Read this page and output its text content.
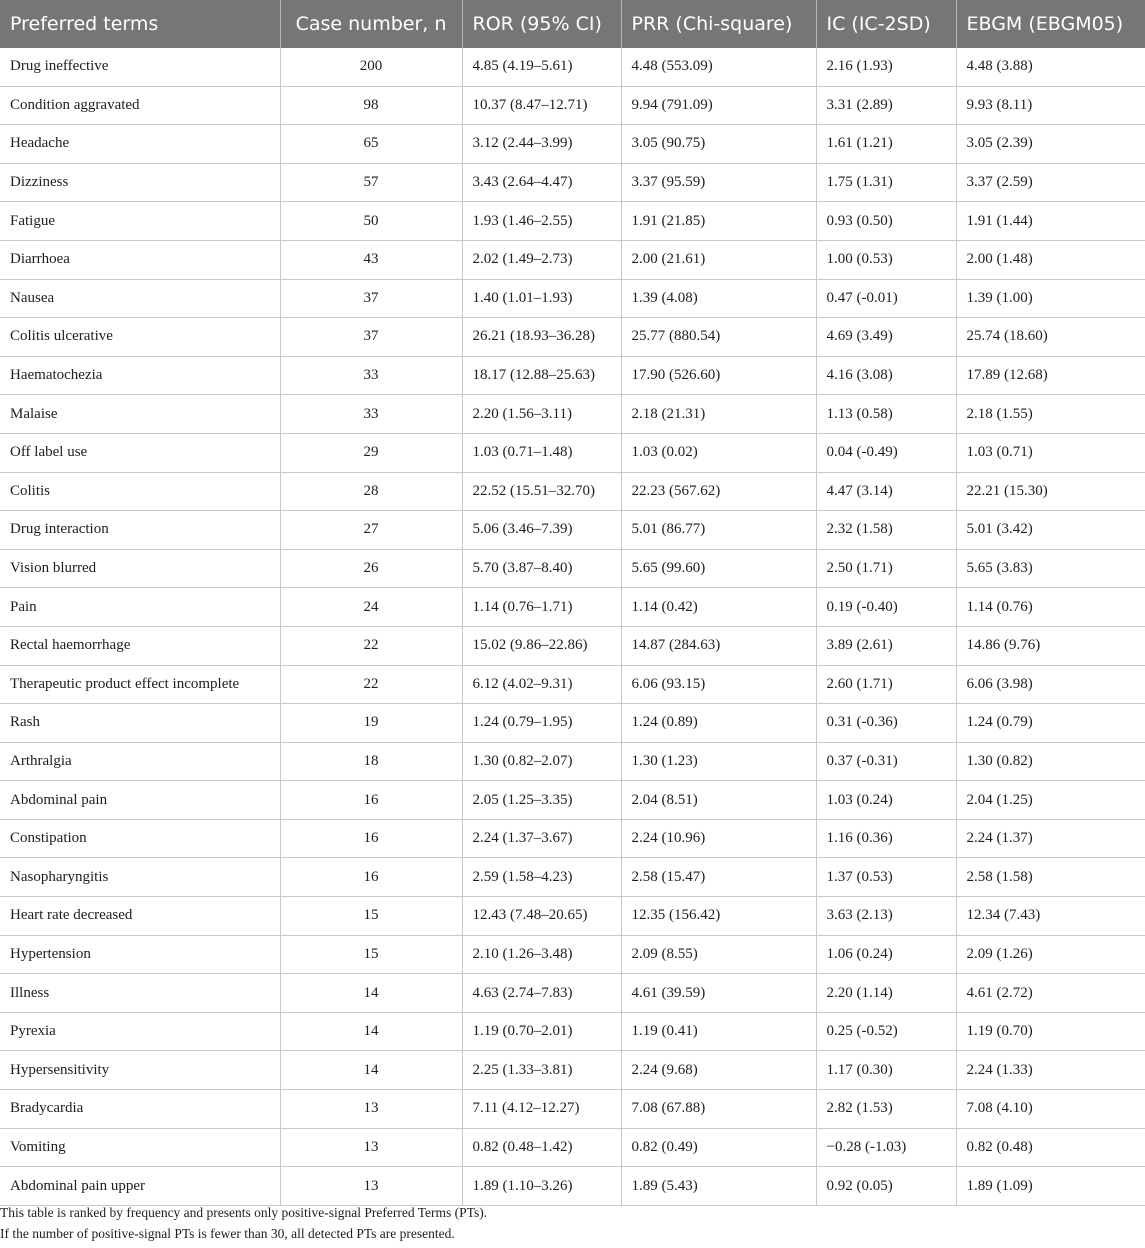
Preferred terms	Case number, n	ROR (95% CI)	PRR (Chi-square)	IC (IC-2SD)	EBGM (EBGM05)
Drug ineffective	200	4.85 (4.19–5.61)	4.48 (553.09)	2.16 (1.93)	4.48 (3.88)
Condition aggravated	98	10.37 (8.47–12.71)	9.94 (791.09)	3.31 (2.89)	9.93 (8.11)
Headache	65	3.12 (2.44–3.99)	3.05 (90.75)	1.61 (1.21)	3.05 (2.39)
Dizziness	57	3.43 (2.64–4.47)	3.37 (95.59)	1.75 (1.31)	3.37 (2.59)
Fatigue	50	1.93 (1.46–2.55)	1.91 (21.85)	0.93 (0.50)	1.91 (1.44)
Diarrhoea	43	2.02 (1.49–2.73)	2.00 (21.61)	1.00 (0.53)	2.00 (1.48)
Nausea	37	1.40 (1.01–1.93)	1.39 (4.08)	0.47 (-0.01)	1.39 (1.00)
Colitis ulcerative	37	26.21 (18.93–36.28)	25.77 (880.54)	4.69 (3.49)	25.74 (18.60)
Haematochezia	33	18.17 (12.88–25.63)	17.90 (526.60)	4.16 (3.08)	17.89 (12.68)
Malaise	33	2.20 (1.56–3.11)	2.18 (21.31)	1.13 (0.58)	2.18 (1.55)
Off label use	29	1.03 (0.71–1.48)	1.03 (0.02)	0.04 (-0.49)	1.03 (0.71)
Colitis	28	22.52 (15.51–32.70)	22.23 (567.62)	4.47 (3.14)	22.21 (15.30)
Drug interaction	27	5.06 (3.46–7.39)	5.01 (86.77)	2.32 (1.58)	5.01 (3.42)
Vision blurred	26	5.70 (3.87–8.40)	5.65 (99.60)	2.50 (1.71)	5.65 (3.83)
Pain	24	1.14 (0.76–1.71)	1.14 (0.42)	0.19 (-0.40)	1.14 (0.76)
Rectal haemorrhage	22	15.02 (9.86–22.86)	14.87 (284.63)	3.89 (2.61)	14.86 (9.76)
Therapeutic product effect incomplete	22	6.12 (4.02–9.31)	6.06 (93.15)	2.60 (1.71)	6.06 (3.98)
Rash	19	1.24 (0.79–1.95)	1.24 (0.89)	0.31 (-0.36)	1.24 (0.79)
Arthralgia	18	1.30 (0.82–2.07)	1.30 (1.23)	0.37 (-0.31)	1.30 (0.82)
Abdominal pain	16	2.05 (1.25–3.35)	2.04 (8.51)	1.03 (0.24)	2.04 (1.25)
Constipation	16	2.24 (1.37–3.67)	2.24 (10.96)	1.16 (0.36)	2.24 (1.37)
Nasopharyngitis	16	2.59 (1.58–4.23)	2.58 (15.47)	1.37 (0.53)	2.58 (1.58)
Heart rate decreased	15	12.43 (7.48–20.65)	12.35 (156.42)	3.63 (2.13)	12.34 (7.43)
Hypertension	15	2.10 (1.26–3.48)	2.09 (8.55)	1.06 (0.24)	2.09 (1.26)
Illness	14	4.63 (2.74–7.83)	4.61 (39.59)	2.20 (1.14)	4.61 (2.72)
Pyrexia	14	1.19 (0.70–2.01)	1.19 (0.41)	0.25 (-0.52)	1.19 (0.70)
Hypersensitivity	14	2.25 (1.33–3.81)	2.24 (9.68)	1.17 (0.30)	2.24 (1.33)
Bradycardia	13	7.11 (4.12–12.27)	7.08 (67.88)	2.82 (1.53)	7.08 (4.10)
Vomiting	13	0.82 (0.48–1.42)	0.82 (0.49)	−0.28 (-1.03)	0.82 (0.48)
Abdominal pain upper	13	1.89 (1.10–3.26)	1.89 (5.43)	0.92 (0.05)	1.89 (1.09)

This table is ranked by frequency and presents only positive-signal Preferred Terms (PTs).

If the number of positive-signal PTs is fewer than 30, all detected PTs are presented.
